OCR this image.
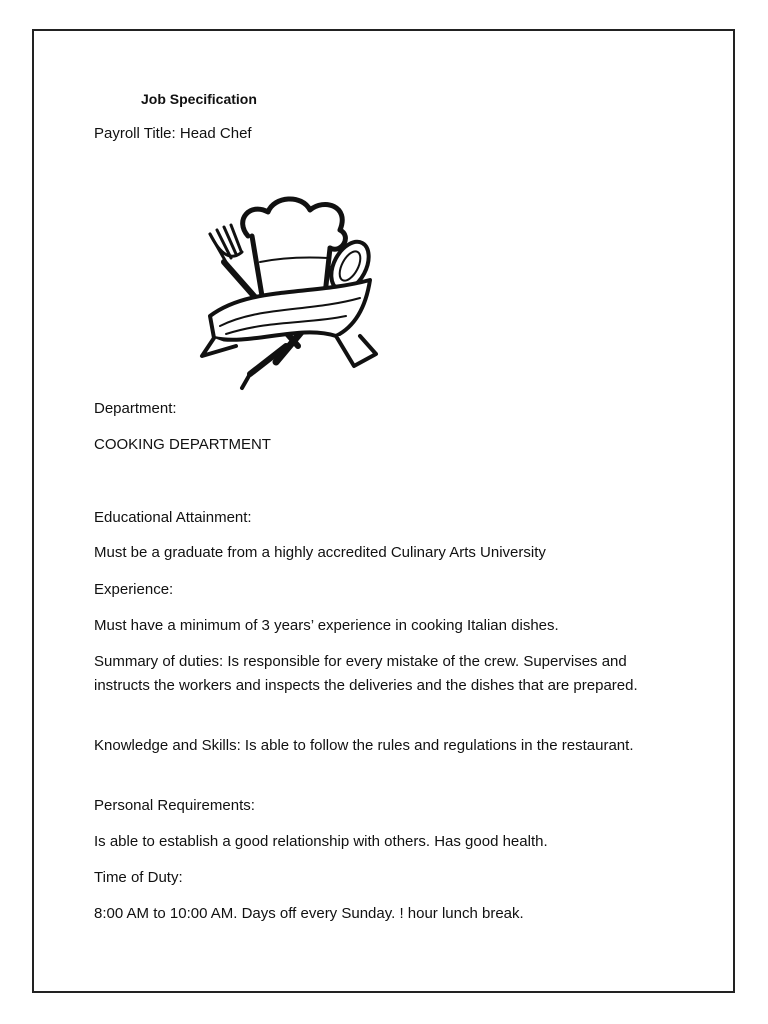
Job Specification
Payroll Title: Head Chef
Department:
COOKING DEPARTMENT
Educational Attainment:
Must be a graduate from a highly accredited Culinary Arts University
Experience:
Must have a minimum of 3 years’ experience in cooking Italian dishes.
Summary of duties: Is responsible for every mistake of the crew. Supervises and instructs the workers and inspects the deliveries and the dishes that are prepared.
Knowledge and Skills: Is able to follow the rules and regulations in the restaurant.
Personal Requirements:
Is able to establish a good relationship with others. Has good health.
Time of Duty:
8:00 AM to 10:00 AM. Days off every Sunday. ! hour lunch break.
